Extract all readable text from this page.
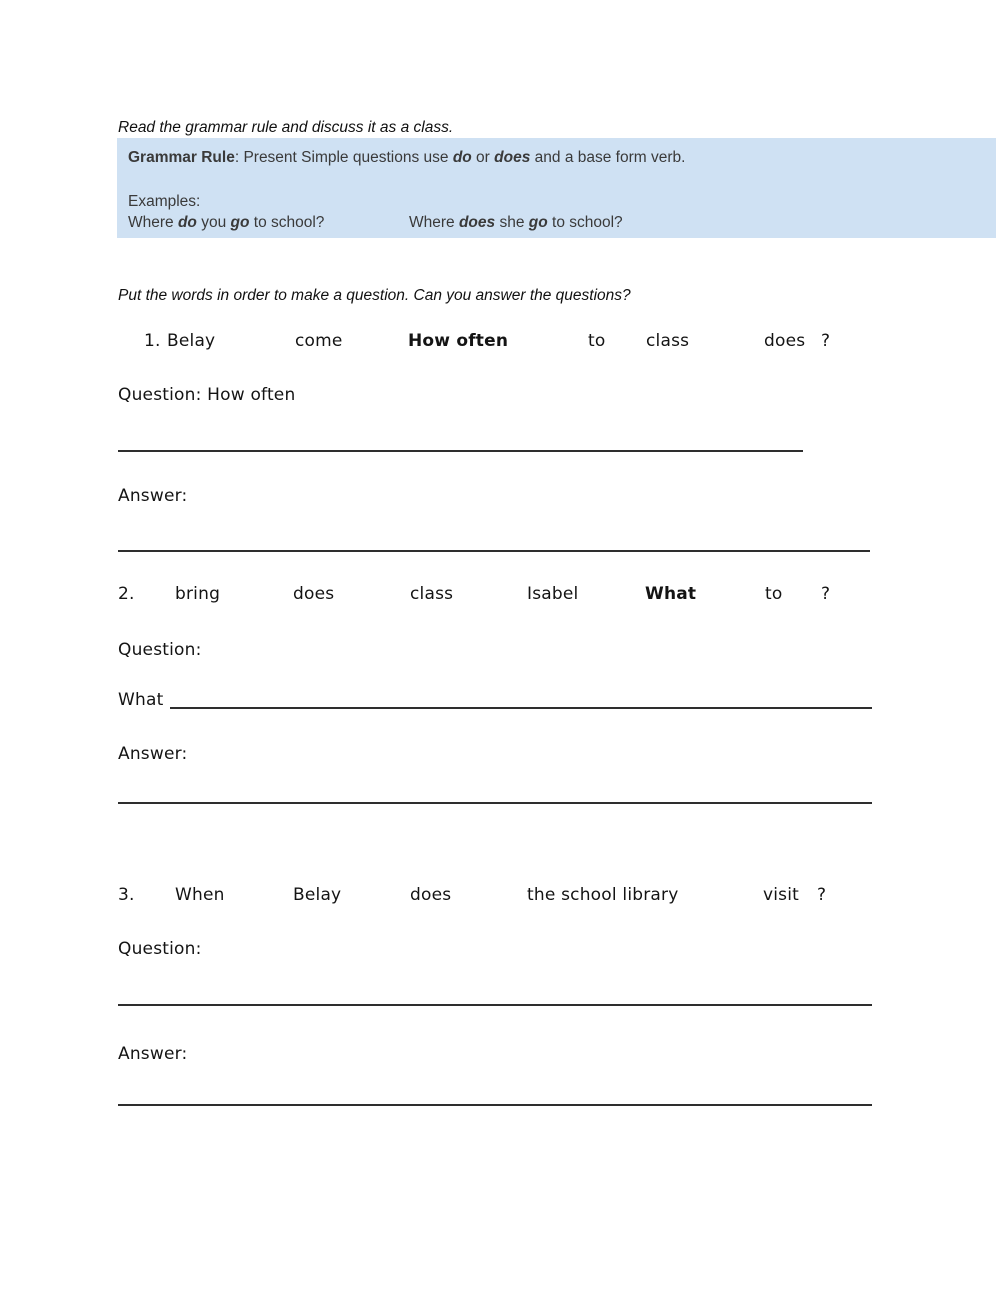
Read the grammar rule and discuss it as a class.
Grammar Rule: Present Simple questions use do or does and a base form verb.
Examples:
Where do you go to school?	Where does she go to school?
Put the words in order to make a question. Can you answer the questions?
1. Belay	come	How often	to class	does ?
Question: How often
Answer:
2. bring	does	class	Isabel	What	to ?
Question:
What
Answer:
3. When	Belay	does	the school library	visit ?
Question:
Answer:
